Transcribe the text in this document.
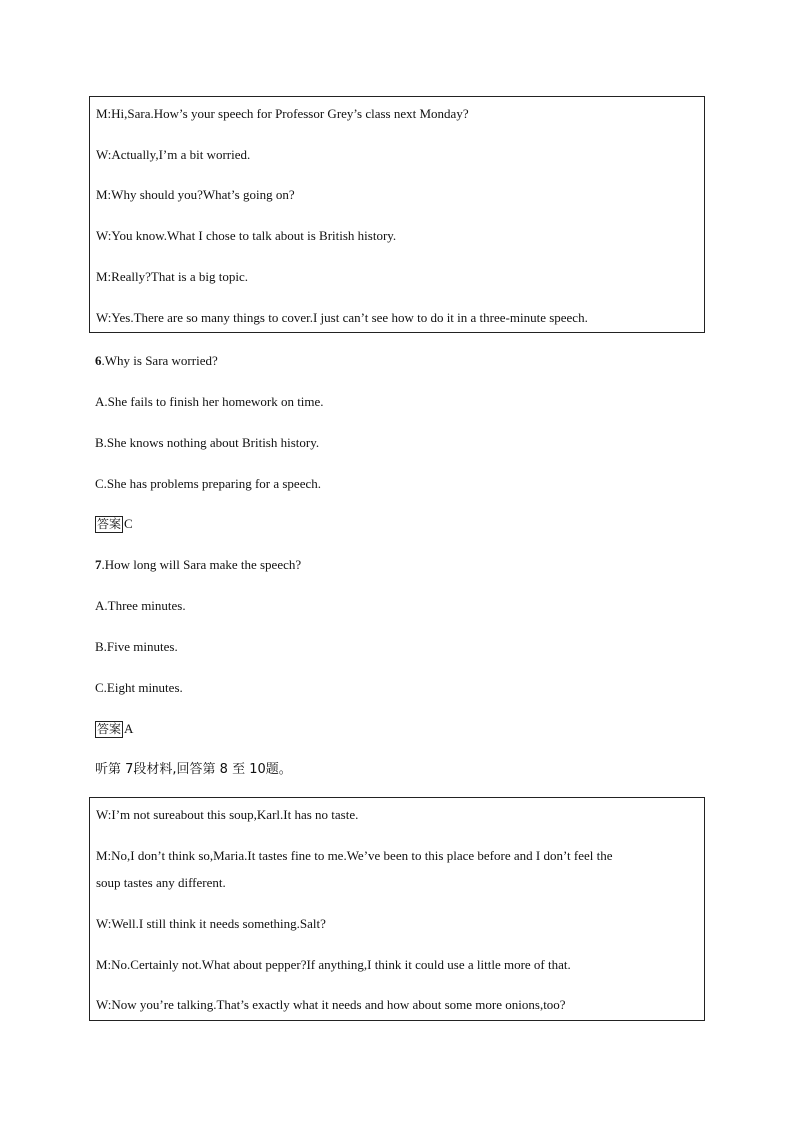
M:Hi,Sara.How’s your speech for Professor Grey’s class next Monday?
W:Actually,I’m a bit worried.
M:Why should you?What’s going on?
W:You know.What I chose to talk about is British history.
M:Really?That is a big topic.
W:Yes.There are so many things to cover.I just can’t see how to do it in a three-minute speech.
6.Why is Sara worried?
A.She fails to finish her homework on time.
B.She knows nothing about British history.
C.She has problems preparing for a speech.
答案 C
7.How long will Sara make the speech?
A.Three minutes.
B.Five minutes.
C.Eight minutes.
答案 A
听第 7段材料,回答第 8 至 10题。
W:I’m not sureabout this soup,Karl.It has no taste.
M:No,I don’t think so,Maria.It tastes fine to me.We’ve been to this place before and I don’t feel the
soup tastes any different.
W:Well.I still think it needs something.Salt?
M:No.Certainly not.What about pepper?If anything,I think it could use a little more of that.
W:Now you’re talking.That’s exactly what it needs and how about some more onions,too?
